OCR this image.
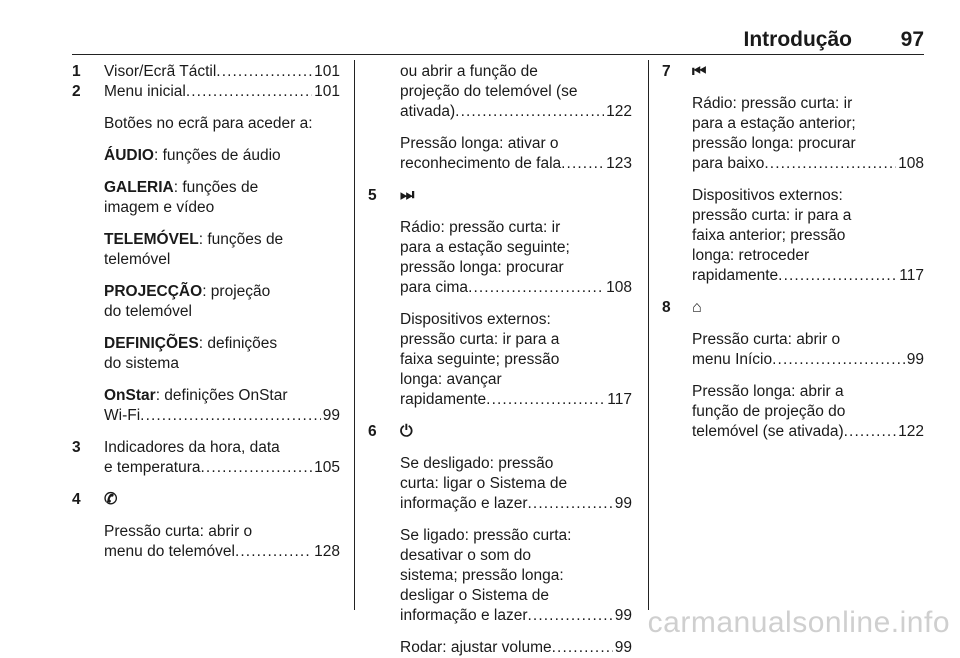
Introdução 97
1 Visor/Ecrã Táctil . . .	101
2 Menu inicial . . .	101
Botões no ecrã para aceder a:
ÁUDIO: funções de áudio
GALERIA: funções de
imagem e vídeo
TELEMÓVEL: funções de
telemóvel
PROJECÇÃO: projeção
do telemóvel
DEFINIÇÕES: definições
do sistema
OnStar: definições OnStar
Wi-Fi . . .	99
3	Indicadores da hora, data
e temperatura . . .	105
4	✆
Pressão curta: abrir o
menu do telemóvel . . .	128
ou abrir a função de
projeção do telemóvel (se
ativada) . . .	122
Pressão longa: ativar o
reconhecimento de fala . . .	123
5	⏭
Rádio: pressão curta: ir
para a estação seguinte;
pressão longa: procurar
para cima . . .	108
Dispositivos externos:
pressão curta: ir para a
faixa seguinte; pressão
longa: avançar
rapidamente . . .	117
6	⏻
Se desligado: pressão
curta: ligar o Sistema de
informação e lazer . . .	99
Se ligado: pressão curta:
desativar o som do
sistema; pressão longa:
desligar o Sistema de
informação e lazer . . .	99
Rodar: ajustar volume . . .	99
7	⏮
Rádio: pressão curta: ir
para a estação anterior;
pressão longa: procurar
para baixo . . .	108
Dispositivos externos:
pressão curta: ir para a
faixa anterior; pressão
longa: retroceder
rapidamente . . .	117
8	⌂
Pressão curta: abrir o
menu Início . . .	99
Pressão longa: abrir a
função de projeção do
telemóvel (se ativada) . . .	122
carmanualsonline.info
